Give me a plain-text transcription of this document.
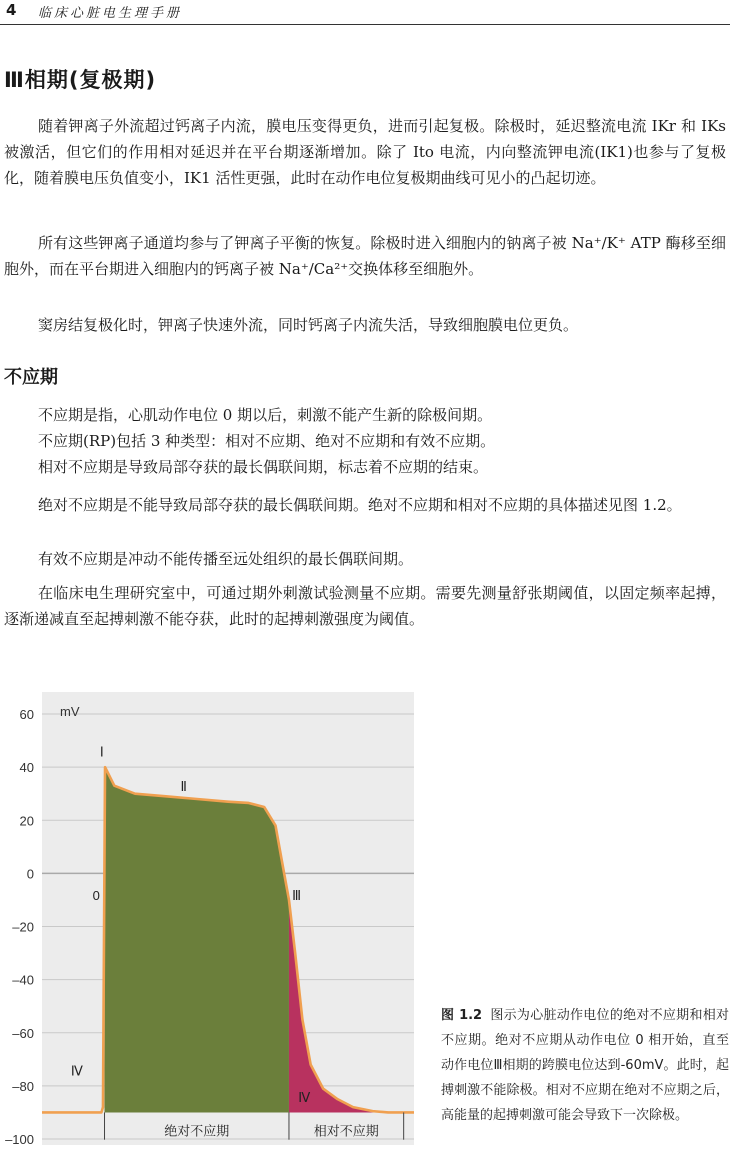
4 临床心脏电生理手册
Ⅲ相期(复极期)

随着钾离子外流超过钙离子内流，膜电压变得更负，进而引起复极。除极时，延迟整流电流 IKr 和 IKs 被激活，但它们的作用相对延迟并在平台期逐渐增加。除了 Ito 电流，内向整流钾电流(IK1)也参与了复极化，随着膜电压负值变小，IK1 活性更强，此时在动作电位复极期曲线可见小的凸起切迹。

所有这些钾离子通道均参与了钾离子平衡的恢复。除极时进入细胞内的钠离子被 Na⁺/K⁺ ATP 酶移至细胞外，而在平台期进入细胞内的钙离子被 Na⁺/Ca²⁺交换体移至细胞外。

窦房结复极化时，钾离子快速外流，同时钙离子内流失活，导致细胞膜电位更负。

不应期

不应期是指，心肌动作电位 0 期以后，刺激不能产生新的除极间期。

不应期(RP)包括 3 种类型：相对不应期、绝对不应期和有效不应期。

相对不应期是导致局部夺获的最长偶联间期，标志着不应期的结束。

绝对不应期是不能导致局部夺获的最长偶联间期。绝对不应期和相对不应期的具体描述见图 1.2。

有效不应期是冲动不能传播至远处组织的最长偶联间期。

在临床电生理研究室中，可通过期外刺激试验测量不应期。需要先测量舒张期阈值，以固定频率起搏，逐渐递减直至起搏刺激不能夺获，此时的起搏刺激强度为阈值。

60
40
20
0
–20
–40
–60
–80
–100
mV
Ⅰ
Ⅱ
0	Ⅲ
Ⅳ
Ⅳ
绝对不应期	相对不应期
图 1.2 图示为心脏动作电位的绝对不应期和相对不应期。绝对不应期从动作电位 0 相开始，直至动作电位Ⅲ相期的跨膜电位达到-60mV。此时，起搏刺激不能除极。相对不应期在绝对不应期之后，高能量的起搏刺激可能会导致下一次除极。
